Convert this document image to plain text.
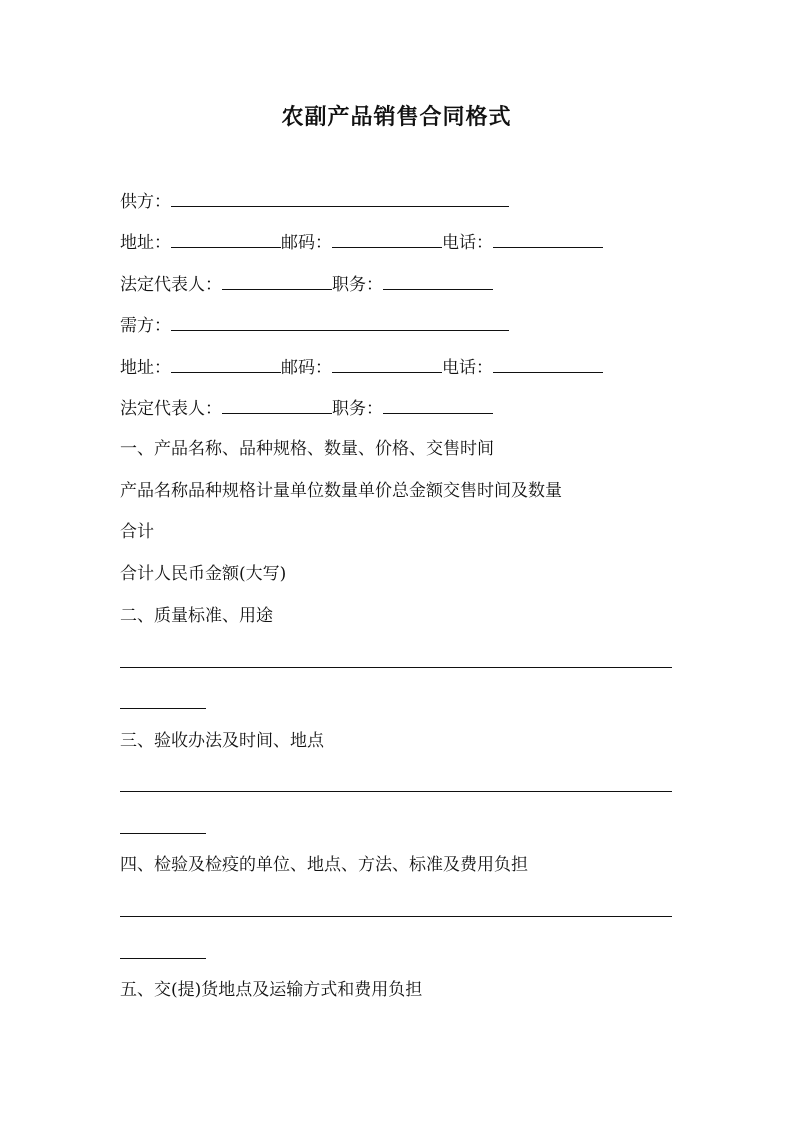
农副产品销售合同格式
供方：
地址：	邮码：	电话：
法定代表人：	职务：
需方：
地址：	邮码：	电话：
法定代表人：	职务：
一、产品名称、品种规格、数量、价格、交售时间
产品名称品种规格计量单位数量单价总金额交售时间及数量
合计
合计人民币金额(大写)
二、质量标准、用途
三、验收办法及时间、地点
四、检验及检疫的单位、地点、方法、标准及费用负担
五、交(提)货地点及运输方式和费用负担
